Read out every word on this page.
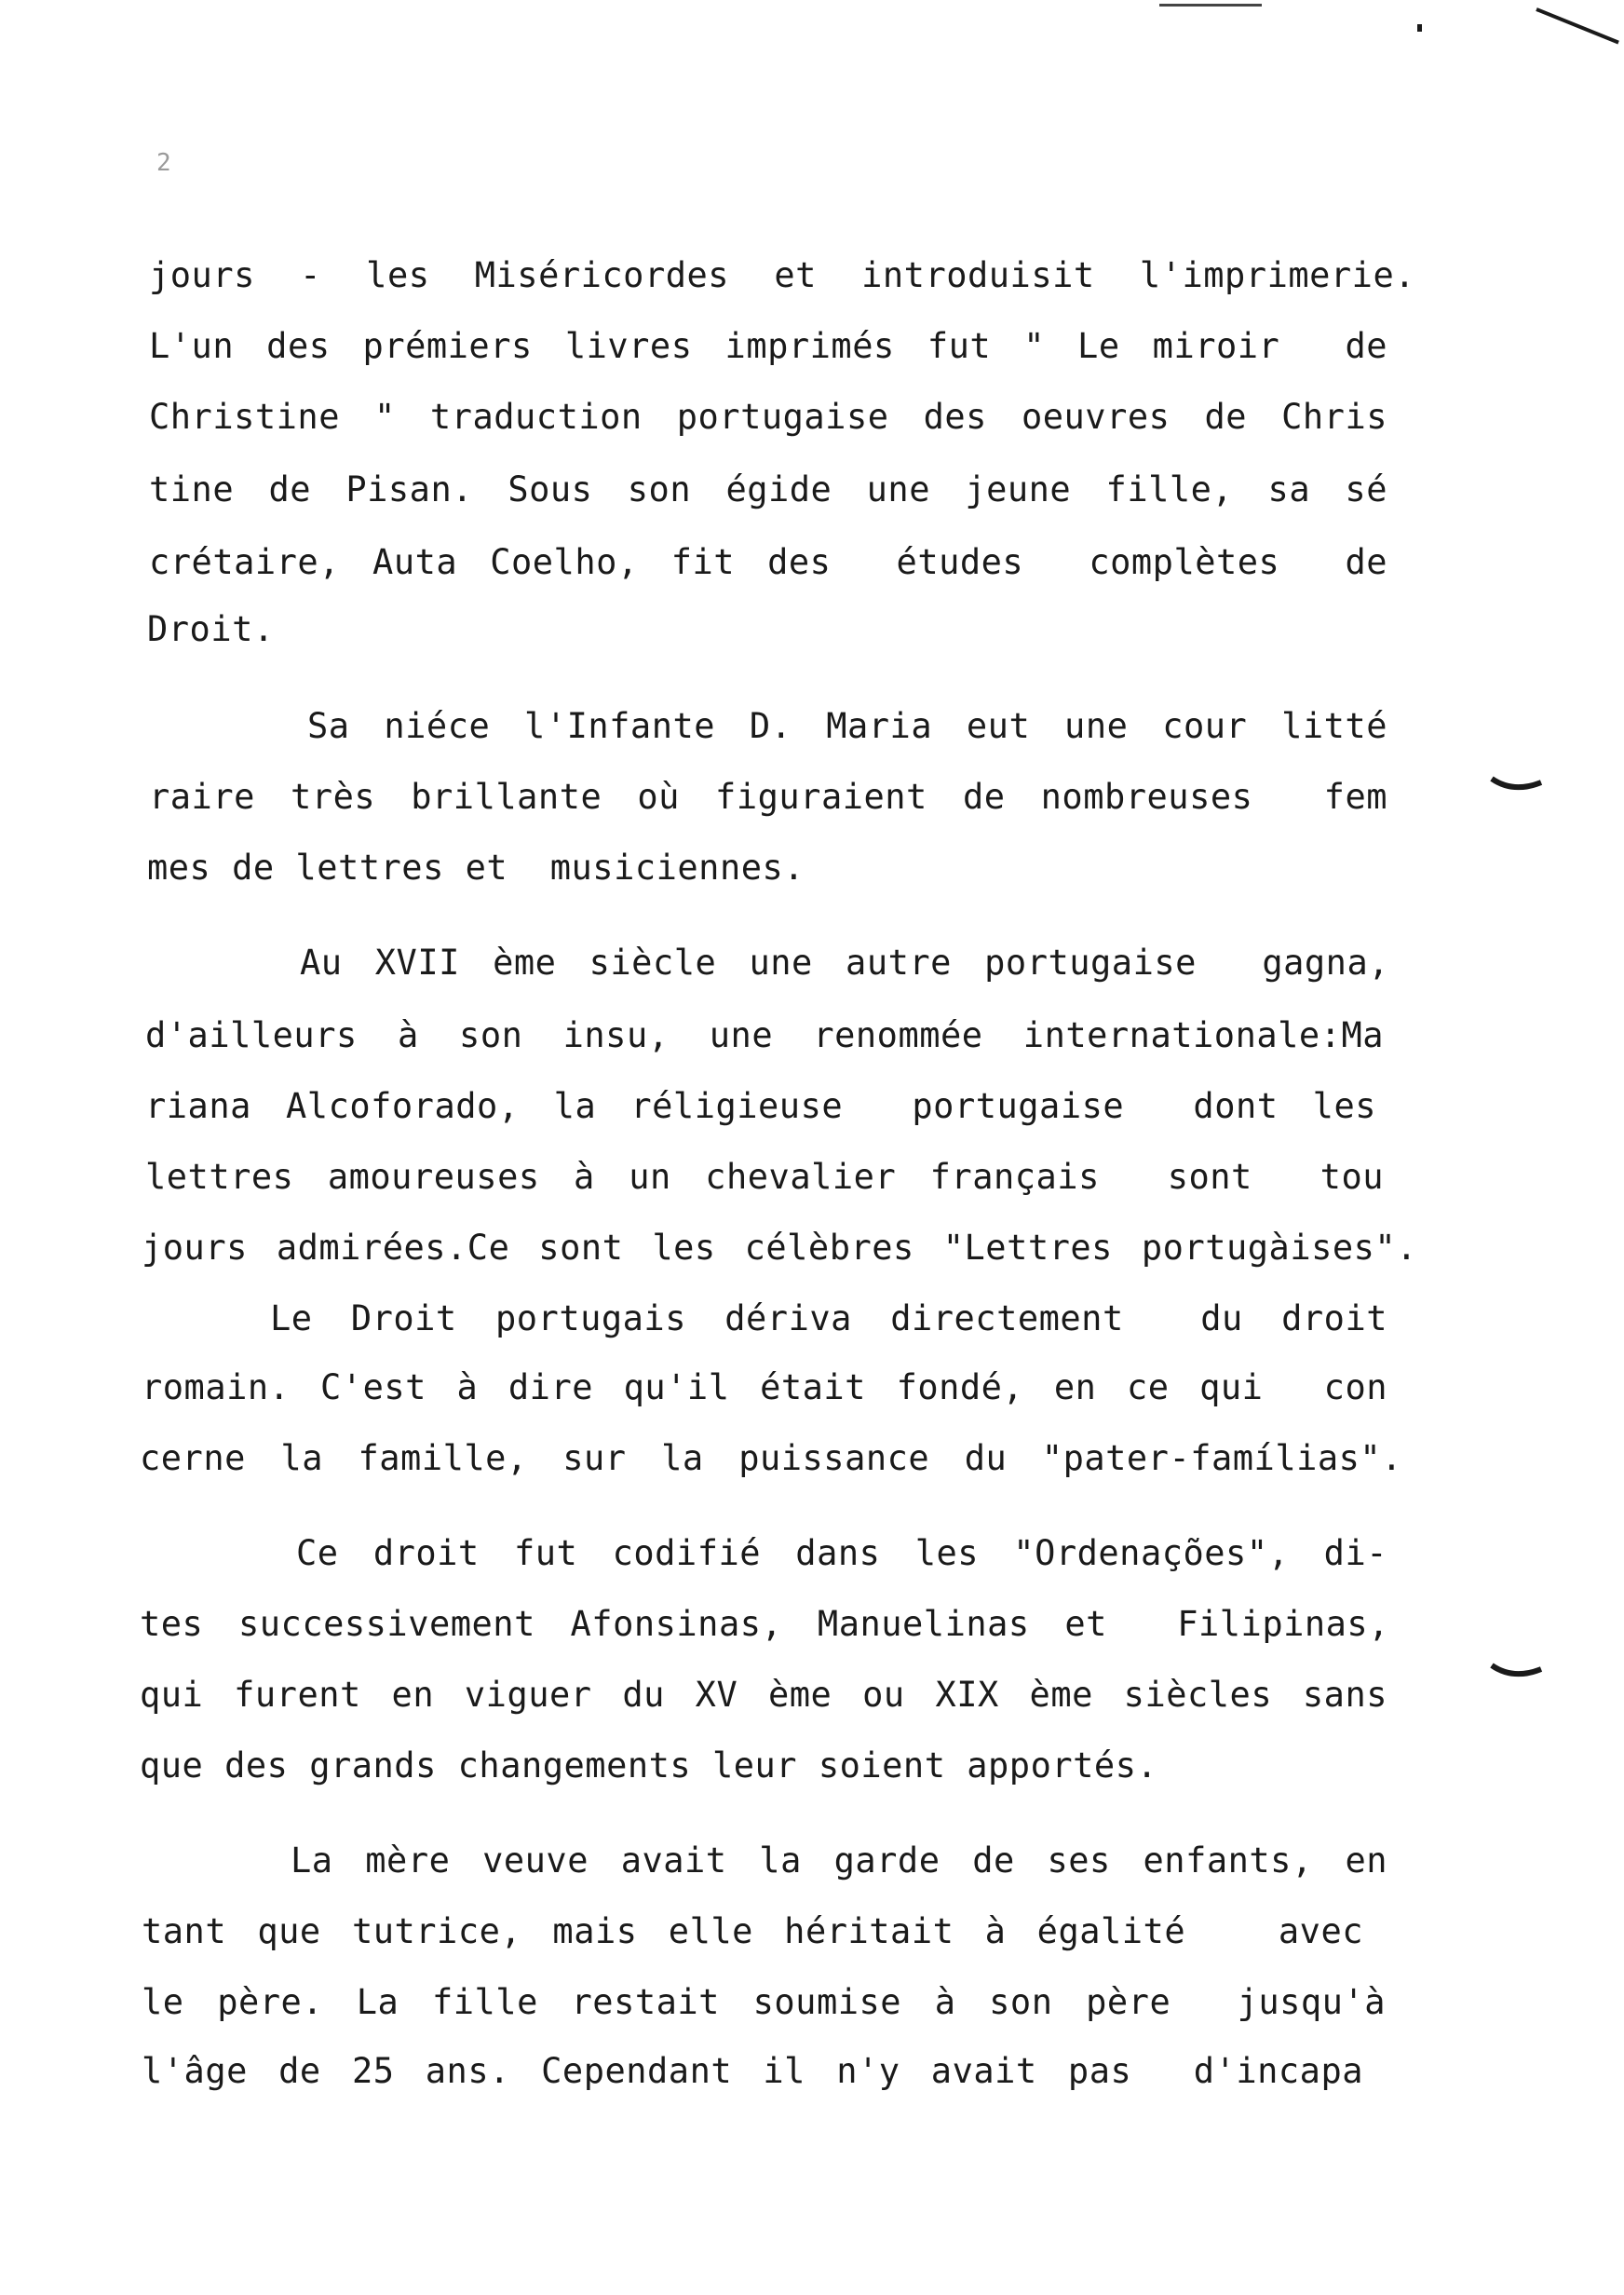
2
jours - les Miséricordes et introduisit l'imprimerie.
L'un des prémiers livres imprimés fut " Le miroir  de
Christine " traduction portugaise des oeuvres de Chris
tine de Pisan. Sous son égide une jeune fille, sa sé
crétaire, Auta Coelho, fit des  études  complètes  de
Droit.
Sa niéce l'Infante D. Maria eut une cour litté
raire très brillante où figuraient de nombreuses  fem
mes de lettres et  musiciennes.
Au XVII ème siècle une autre portugaise  gagna,
d'ailleurs à son insu, une renommée internationale:Ma
riana Alcoforado, la réligieuse  portugaise  dont les
lettres amoureuses à un chevalier français  sont  tou
jours admirées.Ce sont les célèbres "Lettres portugàises".
Le Droit portugais dériva directement  du droit
romain. C'est à dire qu'il était fondé, en ce qui  con
cerne la famille, sur la puissance du "pater-famílias".
Ce droit fut codifié dans les "Ordenações", di-
tes successivement Afonsinas, Manuelinas et  Filipinas,
qui furent en viguer du XV ème ou XIX ème siècles sans
que des grands changements leur soient apportés.
La mère veuve avait la garde de ses enfants, en
tant que tutrice, mais elle héritait à égalité   avec
le père. La fille restait soumise à son père  jusqu'à
l'âge de 25 ans. Cependant il n'y avait pas  d'incapa
